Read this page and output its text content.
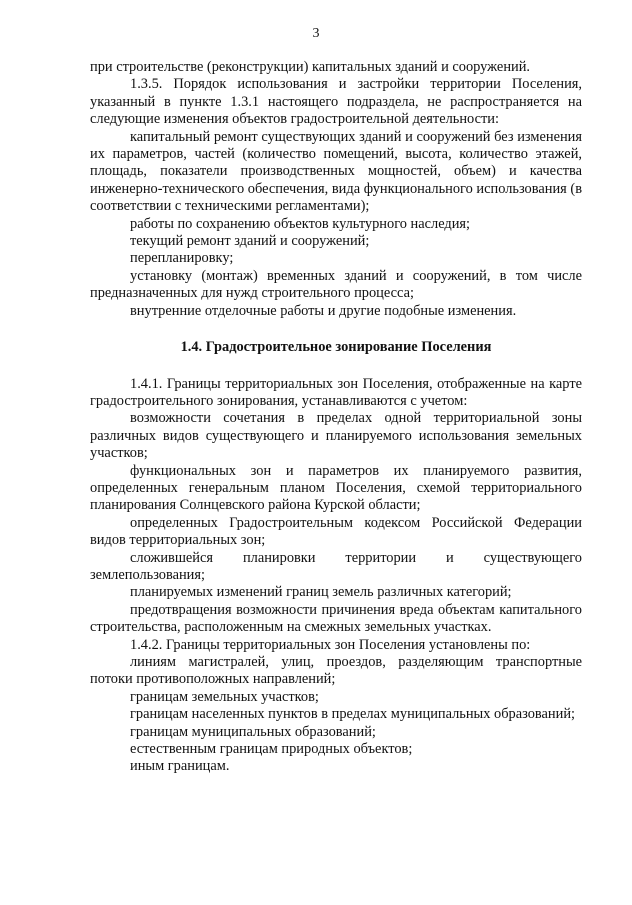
3

при строительстве (реконструкции) капитальных зданий и сооружений.

1.3.5. Порядок использования и застройки территории Поселения, указанный в пункте 1.3.1 настоящего подраздела, не распространяется на следующие изменения объектов градостроительной деятельности:

капитальный ремонт существующих зданий и сооружений без изменения их параметров, частей (количество помещений, высота, количество этажей, площадь, показатели производственных мощностей, объем) и качества инженерно-технического обеспечения, вида функционального использования (в соответствии с техническими регламентами);

работы по сохранению объектов культурного наследия;

текущий ремонт зданий и сооружений;

перепланировку;

установку (монтаж) временных зданий и сооружений, в том числе предназначенных для нужд строительного процесса;

внутренние отделочные работы и другие подобные изменения.

1.4. Градостроительное зонирование Поселения

1.4.1. Границы территориальных зон Поселения, отображенные на карте градостроительного зонирования, устанавливаются с учетом:

возможности сочетания в пределах одной территориальной зоны различных видов существующего и планируемого использования земельных участков;

функциональных зон и параметров их планируемого развития, определенных генеральным планом Поселения, схемой территориального планирования Солнцевского района Курской области;

определенных Градостроительным кодексом Российской Федерации видов территориальных зон;

сложившейся планировки территории и существующего землепользования;

планируемых изменений границ земель различных категорий;

предотвращения возможности причинения вреда объектам капитального строительства, расположенным на смежных земельных участках.

1.4.2. Границы территориальных зон Поселения установлены по:

линиям магистралей, улиц, проездов, разделяющим транспортные потоки противоположных направлений;

границам земельных участков;

границам населенных пунктов в пределах муниципальных образований;

границам муниципальных образований;

естественным границам природных объектов;

иным границам.
